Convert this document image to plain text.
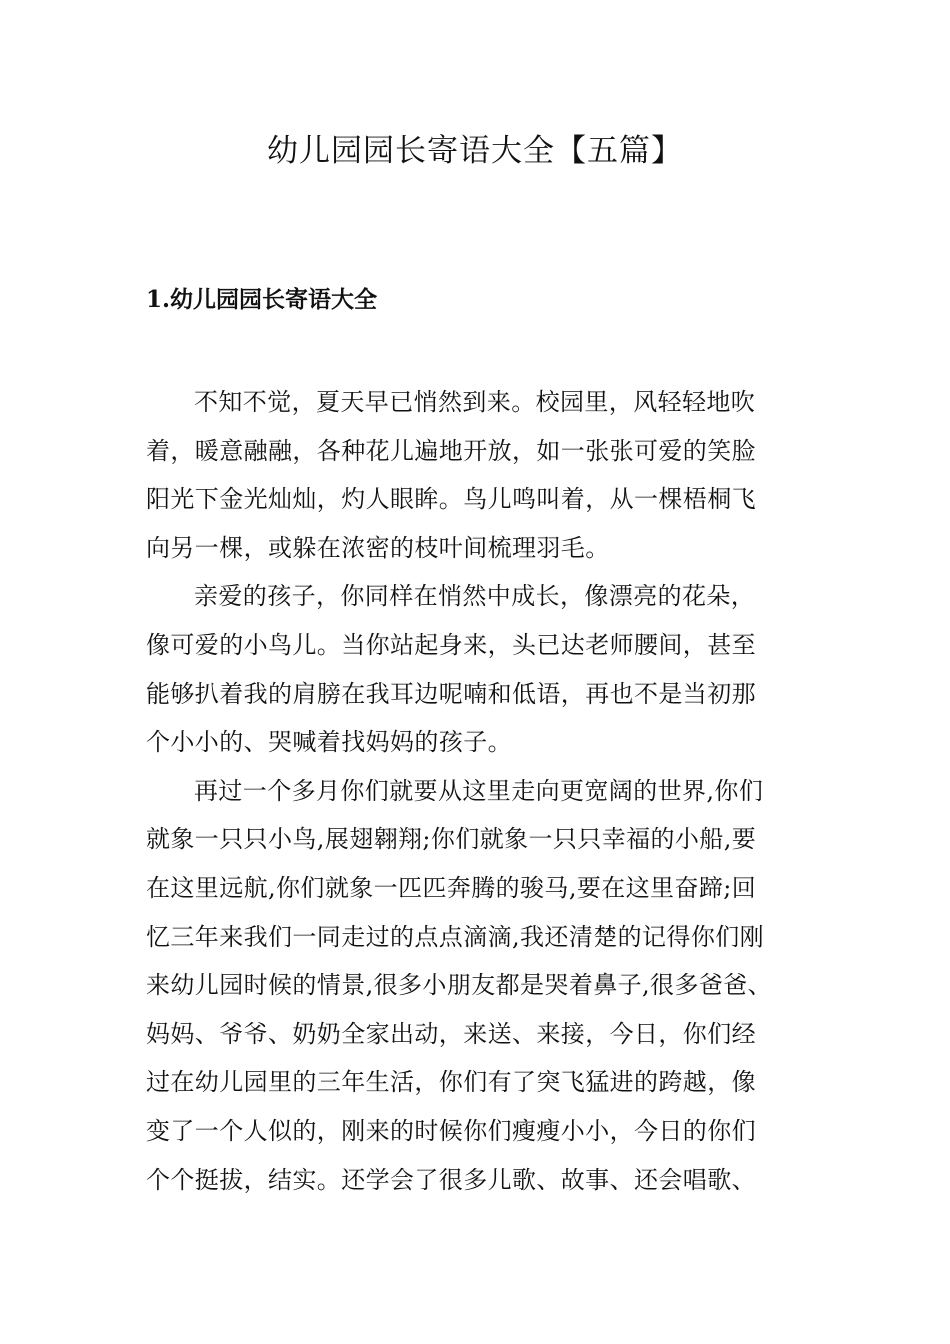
幼儿园园长寄语大全【五篇】
1.幼儿园园长寄语大全

不知不觉，夏天早已悄然到来。校园里，风轻轻地吹
着，暖意融融，各种花儿遍地开放，如一张张可爱的笑脸
阳光下金光灿灿，灼人眼眸。鸟儿鸣叫着，从一棵梧桐飞
向另一棵，或躲在浓密的枝叶间梳理羽毛。

亲爱的孩子，你同样在悄然中成长，像漂亮的花朵，
像可爱的小鸟儿。当你站起身来，头已达老师腰间，甚至
能够扒着我的肩膀在我耳边呢喃和低语，再也不是当初那
个小小的、哭喊着找妈妈的孩子。

再过一个多月你们就要从这里走向更宽阔的世界,你们
就象一只只小鸟,展翅翱翔;你们就象一只只幸福的小船,要
在这里远航,你们就象一匹匹奔腾的骏马,要在这里奋蹄;回
忆三年来我们一同走过的点点滴滴,我还清楚的记得你们刚
来幼儿园时候的情景,很多小朋友都是哭着鼻子,很多爸爸、
妈妈、爷爷、奶奶全家出动，来送、来接，今日，你们经
过在幼儿园里的三年生活，你们有了突飞猛进的跨越，像
变了一个人似的，刚来的时候你们瘦瘦小小，今日的你们
个个挺拔，结实。还学会了很多儿歌、故事、还会唱歌、
